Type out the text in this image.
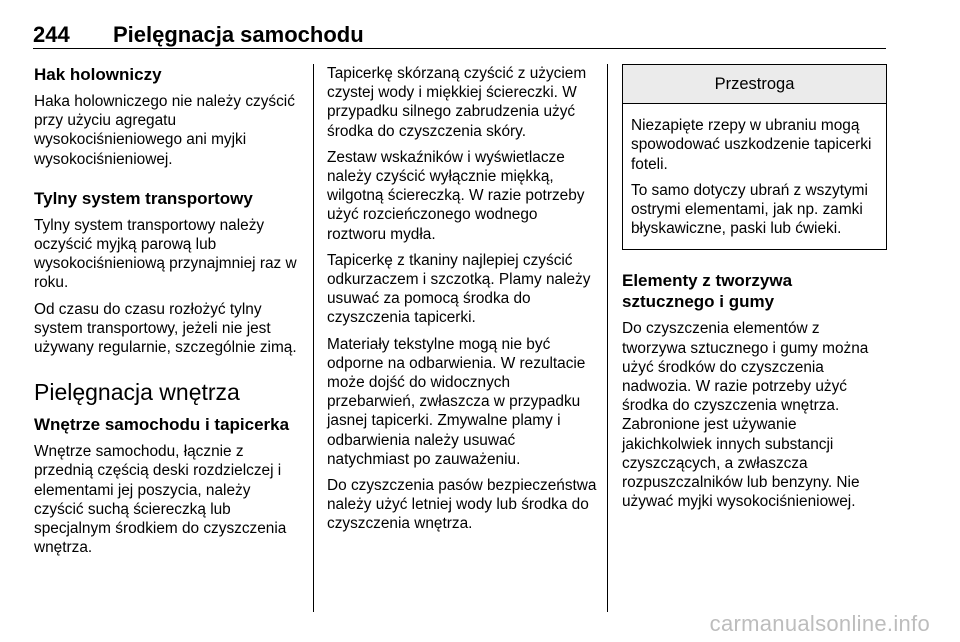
244 Pielęgnacja samochodu
Hak holowniczy

Haka holowniczego nie należy czyścić przy użyciu agregatu wysokociśnieniowego ani myjki wysokociśnieniowej.

Tylny system transportowy

Tylny system transportowy należy oczyścić myjką parową lub wysokociśnieniową przynajmniej raz w roku.

Od czasu do czasu rozłożyć tylny system transportowy, jeżeli nie jest używany regularnie, szczególnie zimą.

Pielęgnacja wnętrza
Wnętrze samochodu i tapicerka

Wnętrze samochodu, łącznie z przednią częścią deski rozdzielczej i elementami jej poszycia, należy czyścić suchą ściereczką lub specjalnym środkiem do czyszczenia wnętrza.

Tapicerkę skórzaną czyścić z użyciem czystej wody i miękkiej ściereczki. W przypadku silnego zabrudzenia użyć środka do czyszczenia skóry.

Zestaw wskaźników i wyświetlacze należy czyścić wyłącznie miękką, wilgotną ściereczką. W razie potrzeby użyć rozcieńczonego wodnego roztworu mydła.

Tapicerkę z tkaniny najlepiej czyścić odkurzaczem i szczotką. Plamy należy usuwać za pomocą środka do czyszczenia tapicerki.

Materiały tekstylne mogą nie być odporne na odbarwienia. W rezultacie może dojść do widocznych przebarwień, zwłaszcza w przypadku jasnej tapicerki. Zmywalne plamy i odbarwienia należy usuwać natychmiast po zauważeniu.

Do czyszczenia pasów bezpieczeństwa należy użyć letniej wody lub środka do czyszczenia wnętrza.

Przestroga

Niezapięte rzepy w ubraniu mogą spowodować uszkodzenie tapicerki foteli.

To samo dotyczy ubrań z wszytymi ostrymi elementami, jak np. zamki błyskawiczne, paski lub ćwieki.

Elementy z tworzywa sztucznego i gumy

Do czyszczenia elementów z tworzywa sztucznego i gumy można użyć środków do czyszczenia nadwozia. W razie potrzeby użyć środka do czyszczenia wnętrza. Zabronione jest używanie jakichkolwiek innych substancji czyszczących, a zwłaszcza rozpuszczalników lub benzyny. Nie używać myjki wysokociśnieniowej.

carmanualsonline.info
